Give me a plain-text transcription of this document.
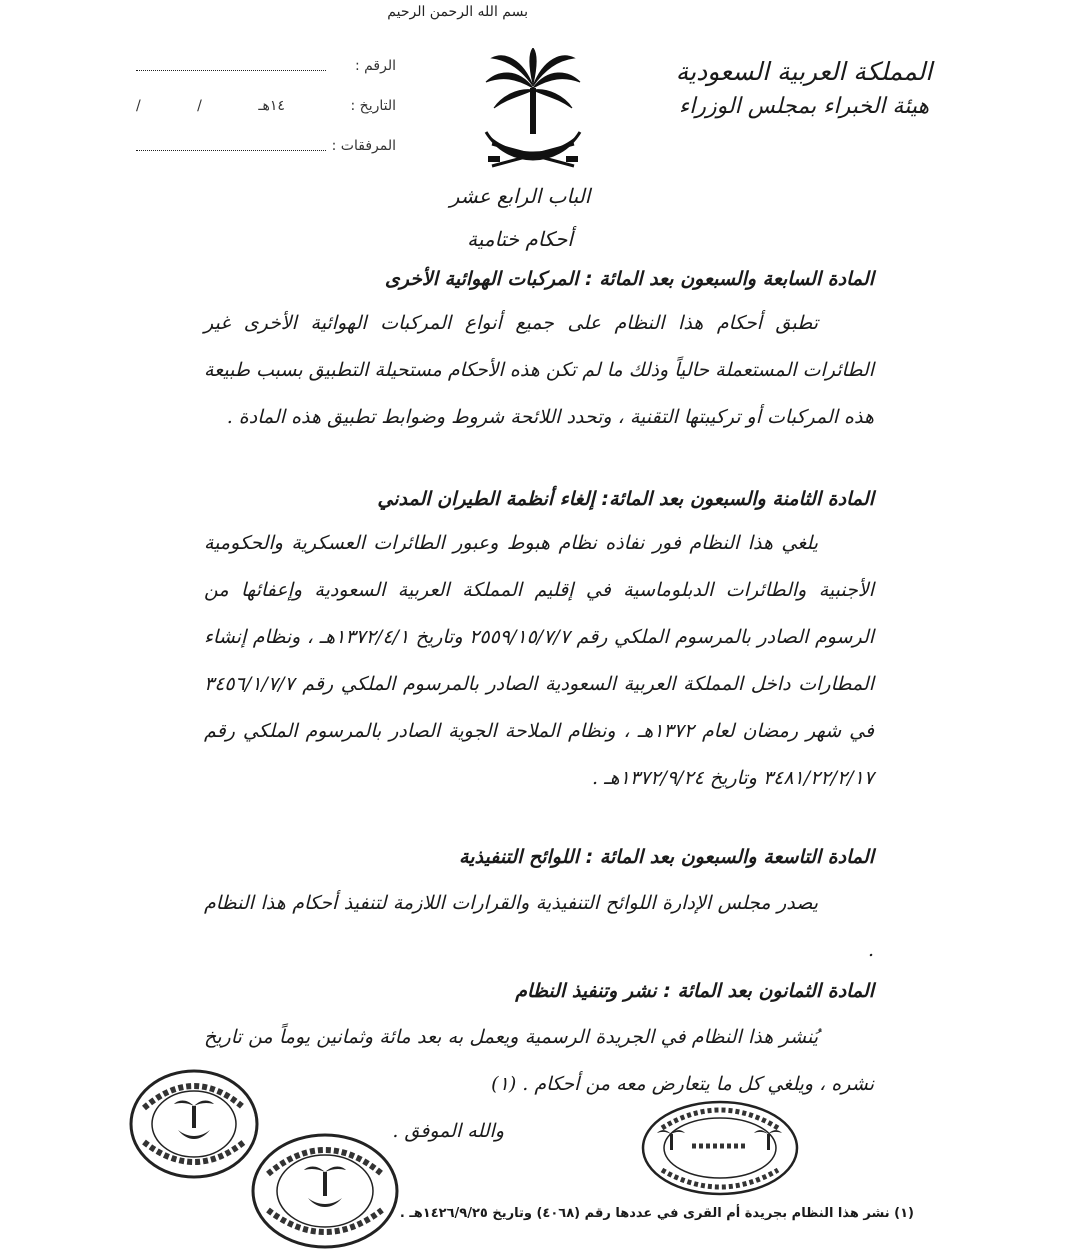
بسم الله الرحمن الرحيم
المملكة العربية السعودية
هيئة الخبراء بمجلس الوزراء
الرقم :
التاريخ :
/ / ١٤هـ
المرفقات :
الباب الرابع عشر
أحكام ختامية
المادة السابعة والسبعون بعد المائة : المركبات الهوائية الأخرى
تطبق أحكام هذا النظام على جميع أنواع المركبات الهوائية الأخرى غير الطائرات المستعملة حالياً وذلك ما لم تكن هذه الأحكام مستحيلة التطبيق بسبب طبيعة هذه المركبات أو تركيبتها التقنية ، وتحدد اللائحة شروط وضوابط تطبيق هذه المادة .
المادة الثامنة والسبعون بعد المائة: إلغاء أنظمة الطيران المدني
يلغي هذا النظام فور نفاذه نظام هبوط وعبور الطائرات العسكرية والحكومية الأجنبية والطائرات الدبلوماسية في إقليم المملكة العربية السعودية وإعفائها من الرسوم الصادر بالمرسوم الملكي رقم ٢٥٥٩/١٥/٧/٧ وتاريخ ١٣٧٢/٤/١هـ ، ونظام إنشاء المطارات داخل المملكة العربية السعودية الصادر بالمرسوم الملكي رقم ٣٤٥٦/١/٧/٧ في شهر رمضان لعام ١٣٧٢هـ ، ونظام الملاحة الجوية الصادر بالمرسوم الملكي رقم ٣٤٨١/٢٢/٢/١٧ وتاريخ ١٣٧٢/٩/٢٤هـ .
المادة التاسعة والسبعون بعد المائة : اللوائح التنفيذية
يصدر مجلس الإدارة اللوائح التنفيذية والقرارات اللازمة لتنفيذ أحكام هذا النظام .
المادة الثمانون بعد المائة : نشر وتنفيذ النظام
يُنشر هذا النظام في الجريدة الرسمية ويعمل به بعد مائة وثمانين يوماً من تاريخ نشره ، ويلغي كل ما يتعارض معه من أحكام . (١)
والله الموفق .
(١) نشر هذا النظام بجريدة أم القرى في عددها رقم (٤٠٦٨) وتاريخ ١٤٢٦/٩/٢٥هـ .
